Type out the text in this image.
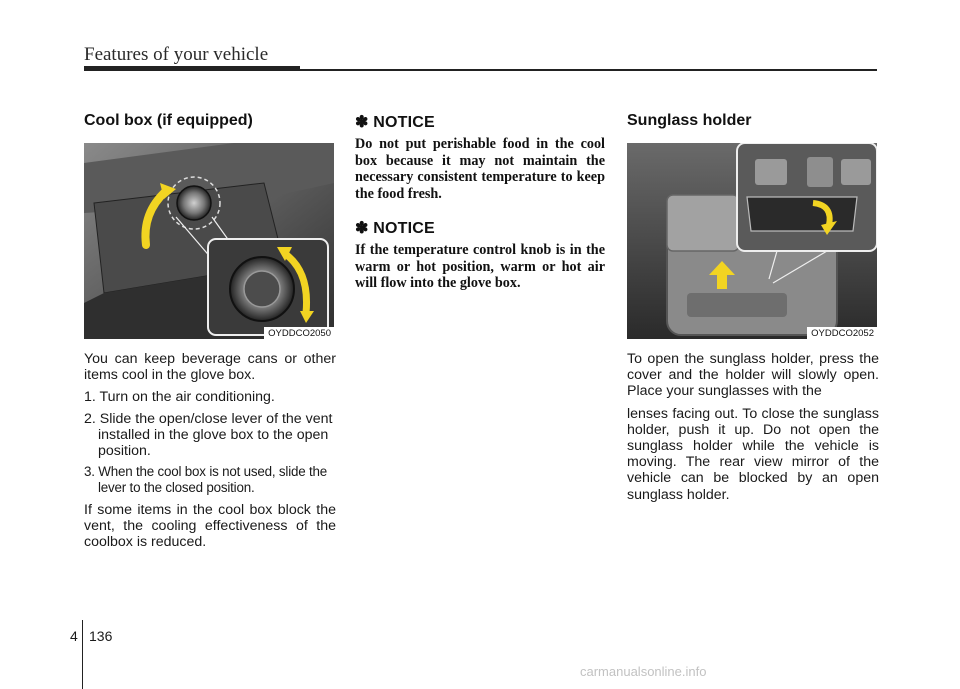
Features of your vehicle
Cool box (if equipped)
OYDDCO2050

You can keep beverage cans or other items cool in the glove box.

1. Turn on the air conditioning.
2. Slide the open/close lever of the vent installed in the glove box to the open position.
3. When the cool box is not used, slide the lever to the closed position.

If some items in the cool box block the vent, the cooling effectiveness of the coolbox is reduced.

✽ NOTICE

Do not put perishable food in the cool box because it may not maintain the necessary consistent temperature to keep the food fresh.

✽ NOTICE

If the temperature control knob is in the warm or hot position, warm or hot air will flow into the glove box.

Sunglass holder
OYDDCO2052

To open the sunglass holder, press the cover and the holder will slowly open. Place your sunglasses with the

lenses facing out. To close the sunglass holder, push it up. Do not open the sunglass holder while the vehicle is moving. The rear view mirror of the vehicle can be blocked by an open sunglass holder.

4 136
carmanualsonline.info
